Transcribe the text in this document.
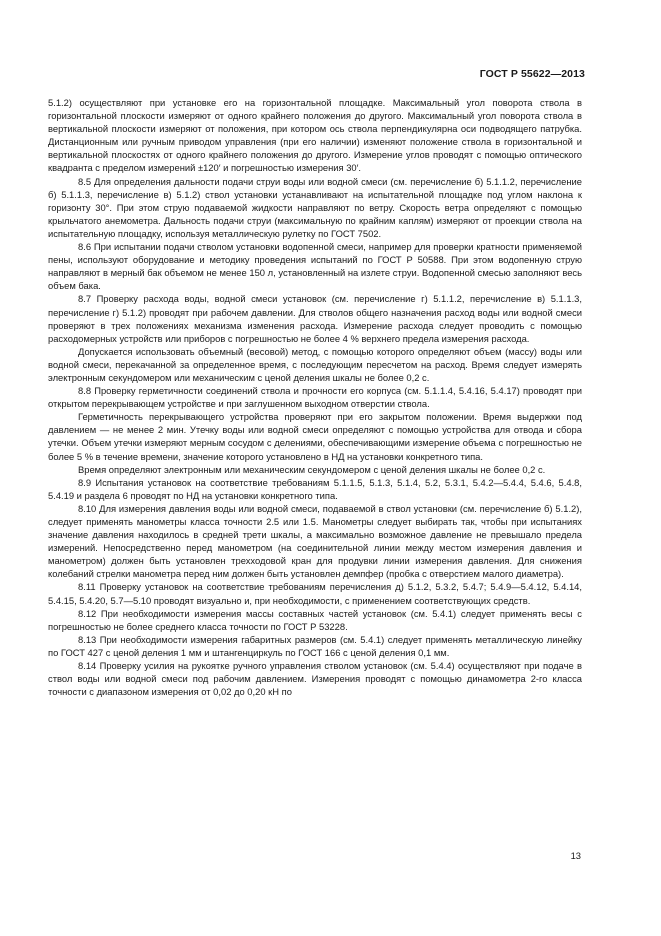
ГОСТ Р 55622—2013

5.1.2) осуществляют при установке его на горизонтальной площадке. Максимальный угол поворота ствола в горизонтальной плоскости измеряют от одного крайнего положения до другого. Максимальный угол поворота ствола в вертикальной плоскости измеряют от положения, при котором ось ствола перпендикулярна оси подводящего патрубка. Дистанционным или ручным приводом управления (при его наличии) изменяют положение ствола в горизонтальной и вертикальной плоскостях от одного крайнего положения до другого. Измерение углов проводят с помощью оптического квадранта с пределом измерений ±120′ и погрешностью измерения 30′.

8.5 Для определения дальности подачи струи воды или водной смеси (см. перечисление б) 5.1.1.2, перечисление б) 5.1.1.3, перечисление в) 5.1.2) ствол установки устанавливают на испытательной площадке под углом наклона к горизонту 30°. При этом струю подаваемой жидкости направляют по ветру. Скорость ветра определяют с помощью крыльчатого анемометра. Дальность подачи струи (максимальную по крайним каплям) измеряют от проекции ствола на испытательную площадку, используя металлическую рулетку по ГОСТ 7502.

8.6 При испытании подачи стволом установки водопенной смеси, например для проверки кратности применяемой пены, используют оборудование и методику проведения испытаний по ГОСТ Р 50588. При этом водопенную струю направляют в мерный бак объемом не менее 150 л, установленный на излете струи. Водопенной смесью заполняют весь объем бака.

8.7 Проверку расхода воды, водной смеси установок (см. перечисление г) 5.1.1.2, перечисление в) 5.1.1.3, перечисление г) 5.1.2) проводят при рабочем давлении. Для стволов общего назначения расход воды или водной смеси проверяют в трех положениях механизма изменения расхода. Измерение расхода следует проводить с помощью расходомерных устройств или приборов с погрешностью не более 4 % верхнего предела измерения расхода.

Допускается использовать объемный (весовой) метод, с помощью которого определяют объем (массу) воды или водной смеси, перекачанной за определенное время, с последующим пересчетом на расход. Время следует измерять электронным секундомером или механическим с ценой деления шкалы не более 0,2 с.

8.8 Проверку герметичности соединений ствола и прочности его корпуса (см. 5.1.1.4, 5.4.16, 5.4.17) проводят при открытом перекрывающем устройстве и при заглушенном выходном отверстии ствола.

Герметичность перекрывающего устройства проверяют при его закрытом положении. Время выдержки под давлением — не менее 2 мин. Утечку воды или водной смеси определяют с помощью устройства для отвода и сбора утечки. Объем утечки измеряют мерным сосудом с делениями, обеспечивающими измерение объема с погрешностью не более 5 % в течение времени, значение которого установлено в НД на установки конкретного типа.

Время определяют электронным или механическим секундомером с ценой деления шкалы не более 0,2 с.

8.9 Испытания установок на соответствие требованиям 5.1.1.5, 5.1.3, 5.1.4, 5.2, 5.3.1, 5.4.2—5.4.4, 5.4.6, 5.4.8, 5.4.19 и раздела 6 проводят по НД на установки конкретного типа.

8.10 Для измерения давления воды или водной смеси, подаваемой в ствол установки (см. перечисление б) 5.1.2), следует применять манометры класса точности 2.5 или 1.5. Манометры следует выбирать так, чтобы при испытаниях значение давления находилось в средней трети шкалы, а максимально возможное давление не превышало предела измерений. Непосредственно перед манометром (на соединительной линии между местом измерения давления и манометром) должен быть установлен трехходовой кран для продувки линии измерения давления. Для снижения колебаний стрелки манометра перед ним должен быть установлен демпфер (пробка с отверстием малого диаметра).

8.11 Проверку установок на соответствие требованиям перечисления д) 5.1.2, 5.3.2, 5.4.7; 5.4.9—5.4.12, 5.4.14, 5.4.15, 5.4.20, 5.7—5.10 проводят визуально и, при необходимости, с применением соответствующих средств.

8.12 При необходимости измерения массы составных частей установок (см. 5.4.1) следует применять весы с погрешностью не более среднего класса точности по ГОСТ Р 53228.

8.13 При необходимости измерения габаритных размеров (см. 5.4.1) следует применять металлическую линейку по ГОСТ 427 с ценой деления 1 мм и штангенциркуль по ГОСТ 166 с ценой деления 0,1 мм.

8.14 Проверку усилия на рукоятке ручного управления стволом установок (см. 5.4.4) осуществляют при подаче в ствол воды или водной смеси под рабочим давлением. Измерения проводят с помощью динамометра 2-го класса точности с диапазоном измерения от 0,02 до 0,20 кН по

13
